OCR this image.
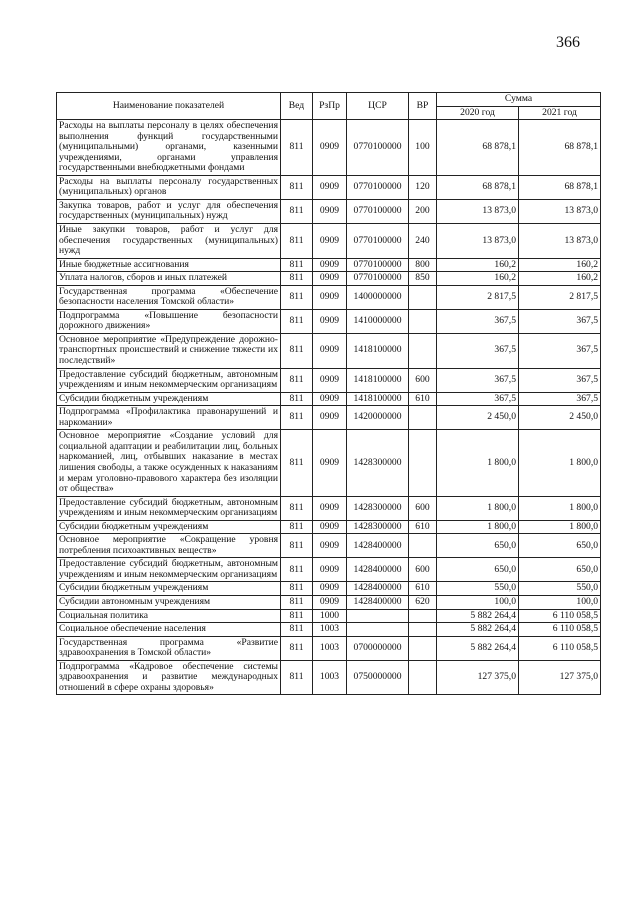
366
Наименование показателей	Вед	РзПр	ЦСР	ВР	Сумма	
					2020 год	2021 год
Расходы на выплаты персоналу в целях обеспечения выполнения функций государственными (муниципальными) органами, казенными учреждениями, органами управления государственными внебюджетными фондами	811	0909	0770100000	100	68 878,1	68 878,1
Расходы на выплаты персоналу государственных (муниципальных) органов	811	0909	0770100000	120	68 878,1	68 878,1
Закупка товаров, работ и услуг для обеспечения государственных (муниципальных) нужд	811	0909	0770100000	200	13 873,0	13 873,0
Иные закупки товаров, работ и услуг для обеспечения государственных (муниципальных) нужд	811	0909	0770100000	240	13 873,0	13 873,0
Иные бюджетные ассигнования	811	0909	0770100000	800	160,2	160,2
Уплата налогов, сборов и иных платежей	811	0909	0770100000	850	160,2	160,2
Государственная программа «Обеспечение безопасности населения Томской области»	811	0909	1400000000		2 817,5	2 817,5
Подпрограмма «Повышение безопасности дорожного движения»	811	0909	1410000000		367,5	367,5
Основное мероприятие «Предупреждение дорожно-транспортных происшествий и снижение тяжести их последствий»	811	0909	1418100000		367,5	367,5
Предоставление субсидий бюджетным, автономным учреждениям и иным некоммерческим организациям	811	0909	1418100000	600	367,5	367,5
Субсидии бюджетным учреждениям	811	0909	1418100000	610	367,5	367,5
Подпрограмма «Профилактика правонарушений и наркомании»	811	0909	1420000000		2 450,0	2 450,0
Основное мероприятие «Создание условий для социальной адаптации и реабилитации лиц, больных наркоманией, лиц, отбывших наказание в местах лишения свободы, а также осужденных к наказаниям и мерам уголовно-правового характера без изоляции от общества»	811	0909	1428300000		1 800,0	1 800,0
Предоставление субсидий бюджетным, автономным учреждениям и иным некоммерческим организациям	811	0909	1428300000	600	1 800,0	1 800,0
Субсидии бюджетным учреждениям	811	0909	1428300000	610	1 800,0	1 800,0
Основное мероприятие «Сокращение уровня потребления психоактивных веществ»	811	0909	1428400000		650,0	650,0
Предоставление субсидий бюджетным, автономным учреждениям и иным некоммерческим организациям	811	0909	1428400000	600	650,0	650,0
Субсидии бюджетным учреждениям	811	0909	1428400000	610	550,0	550,0
Субсидии автономным учреждениям	811	0909	1428400000	620	100,0	100,0
Социальная политика	811	1000			5 882 264,4	6 110 058,5
Социальное обеспечение населения	811	1003			5 882 264,4	6 110 058,5
Государственная программа «Развитие здравоохранения в Томской области»	811	1003	0700000000		5 882 264,4	6 110 058,5
Подпрограмма «Кадровое обеспечение системы здравоохранения и развитие международных отношений в сфере охраны здоровья»	811	1003	0750000000		127 375,0	127 375,0
